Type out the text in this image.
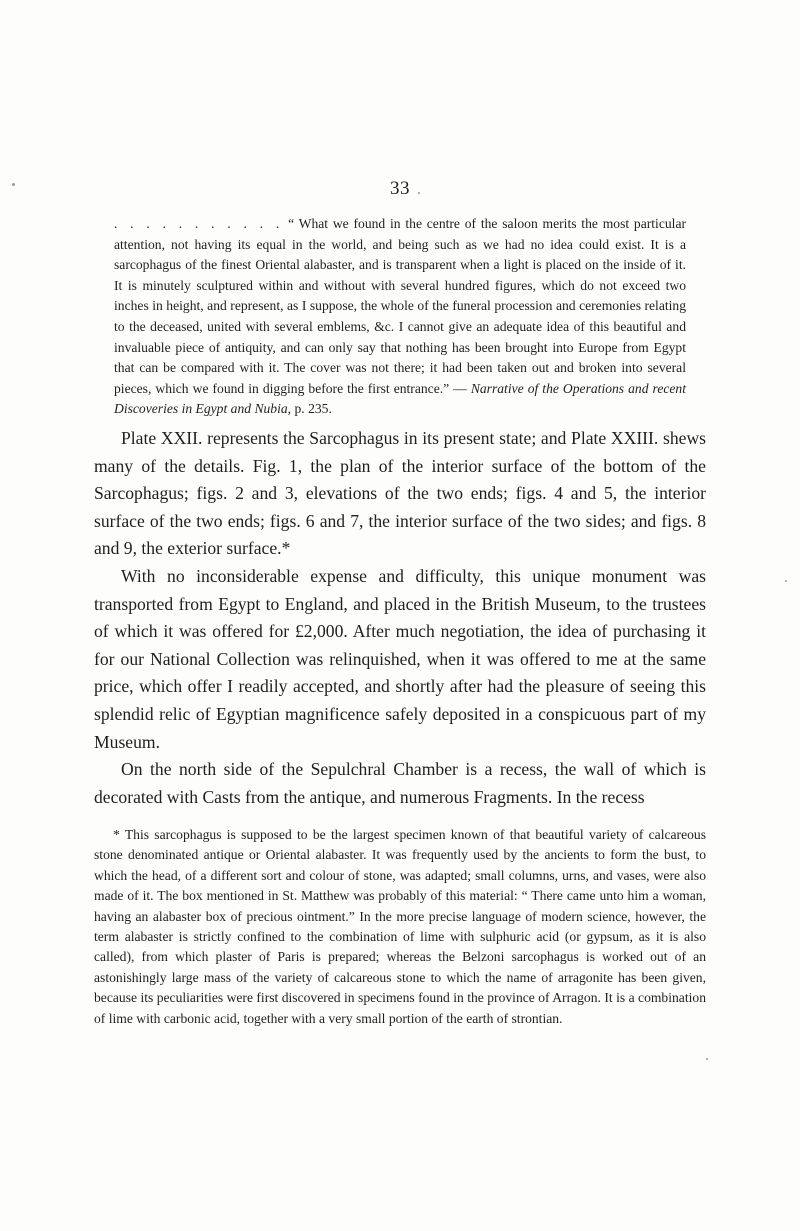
33

. . . . . . . . . . . “ What we found in the centre of the saloon merits the most particular attention, not having its equal in the world, and being such as we had no idea could exist. It is a sarcophagus of the finest Oriental alabaster, and is transparent when a light is placed on the inside of it. It is minutely sculptured within and without with several hundred figures, which do not exceed two inches in height, and represent, as I suppose, the whole of the funeral procession and ceremonies relating to the deceased, united with several emblems, &c. I cannot give an adequate idea of this beautiful and invaluable piece of antiquity, and can only say that nothing has been brought into Europe from Egypt that can be compared with it. The cover was not there; it had been taken out and broken into several pieces, which we found in digging before the first entrance.” — Narrative of the Operations and recent Discoveries in Egypt and Nubia, p. 235.

Plate XXII. represents the Sarcophagus in its present state; and Plate XXIII. shews many of the details. Fig. 1, the plan of the interior surface of the bottom of the Sarcophagus; figs. 2 and 3, elevations of the two ends; figs. 4 and 5, the interior surface of the two ends; figs. 6 and 7, the interior surface of the two sides; and figs. 8 and 9, the exterior surface.*

With no inconsiderable expense and difficulty, this unique monument was transported from Egypt to England, and placed in the British Museum, to the trustees of which it was offered for £2,000. After much negotiation, the idea of purchasing it for our National Collection was relinquished, when it was offered to me at the same price, which offer I readily accepted, and shortly after had the pleasure of seeing this splendid relic of Egyptian magnificence safely deposited in a conspicuous part of my Museum.

On the north side of the Sepulchral Chamber is a recess, the wall of which is decorated with Casts from the antique, and numerous Fragments. In the recess

* This sarcophagus is supposed to be the largest specimen known of that beautiful variety of calcareous stone denominated antique or Oriental alabaster. It was frequently used by the ancients to form the bust, to which the head, of a different sort and colour of stone, was adapted; small columns, urns, and vases, were also made of it. The box mentioned in St. Matthew was probably of this material: “ There came unto him a woman, having an alabaster box of precious ointment.” In the more precise language of modern science, however, the term alabaster is strictly confined to the combination of lime with sulphuric acid (or gypsum, as it is also called), from which plaster of Paris is prepared; whereas the Belzoni sarcophagus is worked out of an astonishingly large mass of the variety of calcareous stone to which the name of arragonite has been given, because its peculiarities were first discovered in specimens found in the province of Arragon. It is a combination of lime with carbonic acid, together with a very small portion of the earth of strontian.
